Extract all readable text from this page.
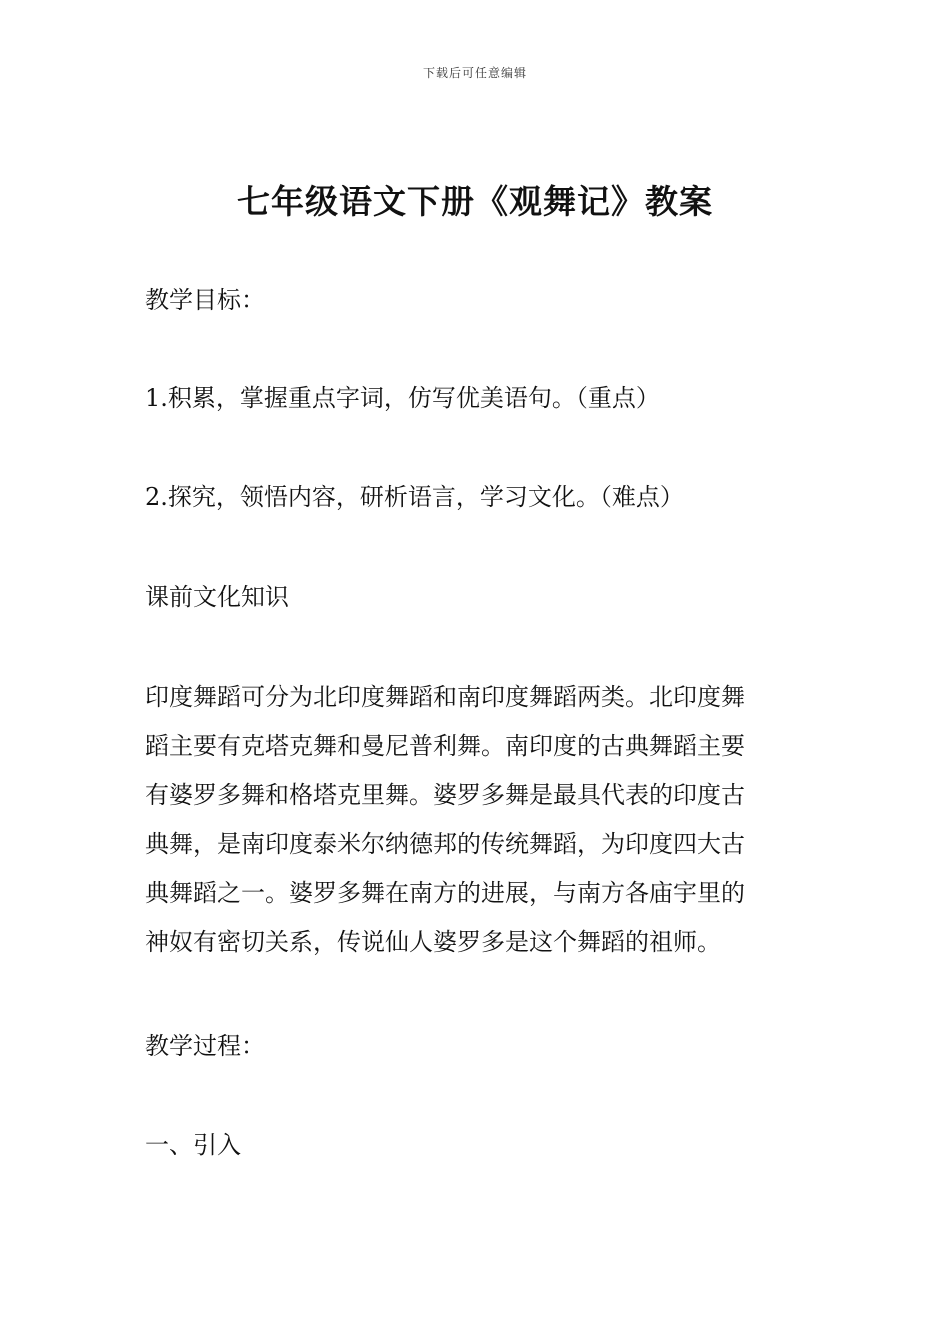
下载后可任意编辑
七年级语文下册《观舞记》教案

教学目标：

1.积累，掌握重点字词，仿写优美语句。（重点）

2.探究，领悟内容，研析语言，学习文化。（难点）

课前文化知识

印度舞蹈可分为北印度舞蹈和南印度舞蹈两类。北印度舞

蹈主要有克塔克舞和曼尼普利舞。南印度的古典舞蹈主要

有婆罗多舞和格塔克里舞。婆罗多舞是最具代表的印度古

典舞，是南印度泰米尔纳德邦的传统舞蹈，为印度四大古

典舞蹈之一。婆罗多舞在南方的进展，与南方各庙宇里的

神奴有密切关系，传说仙人婆罗多是这个舞蹈的祖师。

教学过程：

一、引入
